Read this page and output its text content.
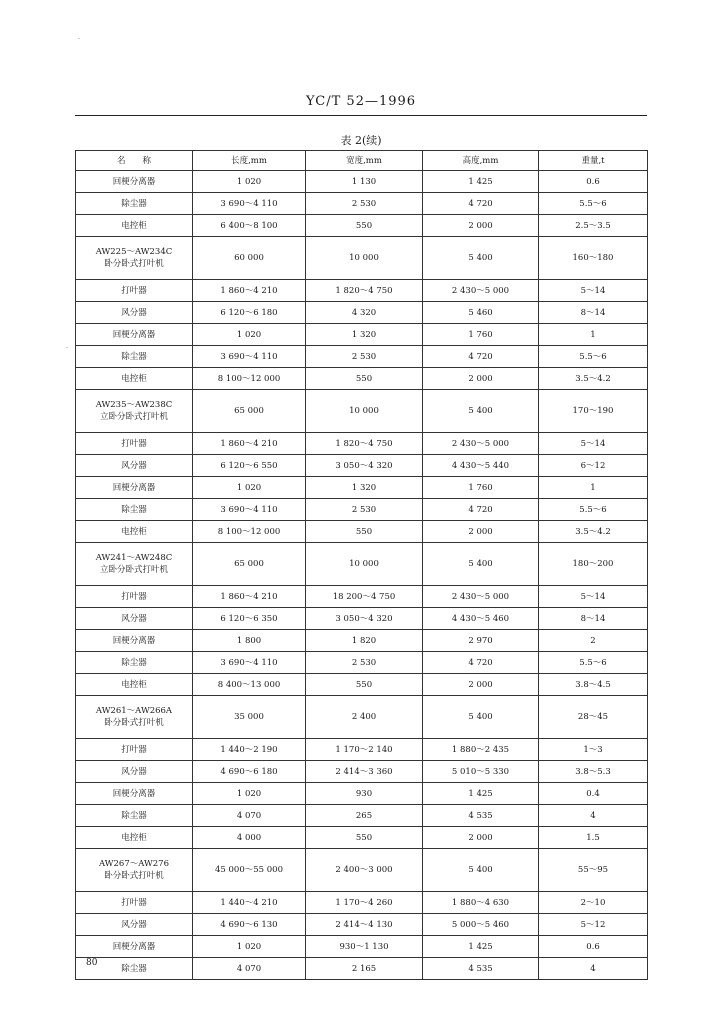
YC/T 52—1996
表 2(续)
名　　称	长度,mm	宽度,mm	高度,mm	重量,t
回梗分离器	1 020	1 130	1 425	0.6
除尘器	3 690～4 110	2 530	4 720	5.5～6
电控柜	6 400～8 100	550	2 000	2.5～3.5
AW225～AW234C
卧分卧式打叶机	60 000	10 000	5 400	160～180
打叶器	1 860～4 210	1 820～4 750	2 430～5 000	5～14
风分器	6 120～6 180	4 320	5 460	8～14
回梗分离器	1 020	1 320	1 760	1
除尘器	3 690～4 110	2 530	4 720	5.5～6
电控柜	8 100～12 000	550	2 000	3.5～4.2
AW235～AW238C
立卧分卧式打叶机	65 000	10 000	5 400	170～190
打叶器	1 860～4 210	1 820～4 750	2 430～5 000	5～14
风分器	6 120～6 550	3 050～4 320	4 430～5 440	6～12
回梗分离器	1 020	1 320	1 760	1
除尘器	3 690～4 110	2 530	4 720	5.5～6
电控柜	8 100～12 000	550	2 000	3.5～4.2
AW241～AW248C
立卧分卧式打叶机	65 000	10 000	5 400	180～200
打叶器	1 860～4 210	18 200～4 750	2 430～5 000	5～14
风分器	6 120～6 350	3 050～4 320	4 430～5 460	8～14
回梗分离器	1 800	1 820	2 970	2
除尘器	3 690～4 110	2 530	4 720	5.5～6
电控柜	8 400～13 000	550	2 000	3.8～4.5
AW261～AW266A
卧分卧式打叶机	35 000	2 400	5 400	28～45
打叶器	1 440～2 190	1 170～2 140	1 880～2 435	1～3
风分器	4 690～6 180	2 414～3 360	5 010～5 330	3.8～5.3
回梗分离器	1 020	930	1 425	0.4
除尘器	4 070	265	4 535	4
电控柜	4 000	550	2 000	1.5
AW267～AW276
卧分卧式打叶机	45 000～55 000	2 400～3 000	5 400	55～95
打叶器	1 440～4 210	1 170～4 260	1 880～4 630	2～10
风分器	4 690～6 130	2 414～4 130	5 000～5 460	5～12
回梗分离器	1 020	930～1 130	1 425	0.6
除尘器	4 070	2 165	4 535	4
80
·
·
